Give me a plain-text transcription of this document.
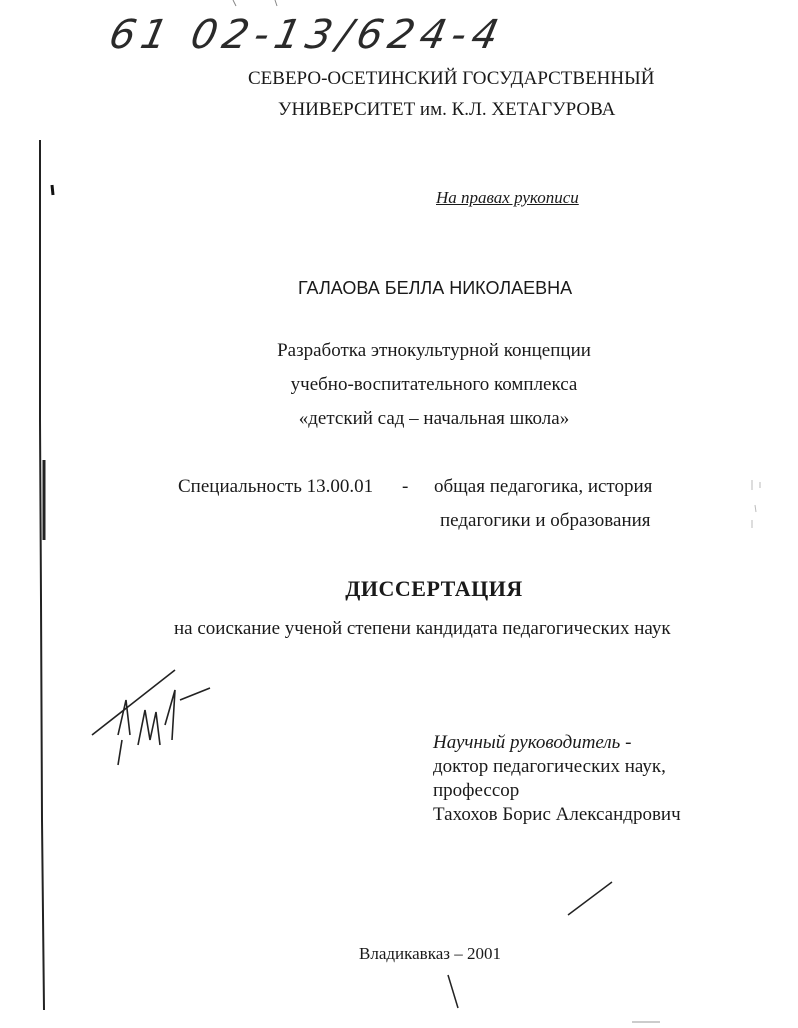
61 02-13/624-4
СЕВЕРО-ОСЕТИНСКИЙ ГОСУДАРСТВЕННЫЙ
УНИВЕРСИТЕТ им. К.Л. ХЕТАГУРОВА
На правах рукописи
ГАЛАОВА БЕЛЛА НИКОЛАЕВНА
Разработка этнокультурной концепции
учебно-воспитательного комплекса
«детский сад – начальная школа»
Специальность 13.00.01 - общая педагогика, история
педагогики и образования
ДИССЕРТАЦИЯ
на соискание ученой степени кандидата педагогических наук
Научный руководитель -
доктор педагогических наук,
профессор
Тахохов Борис Александрович
Владикавказ – 2001
